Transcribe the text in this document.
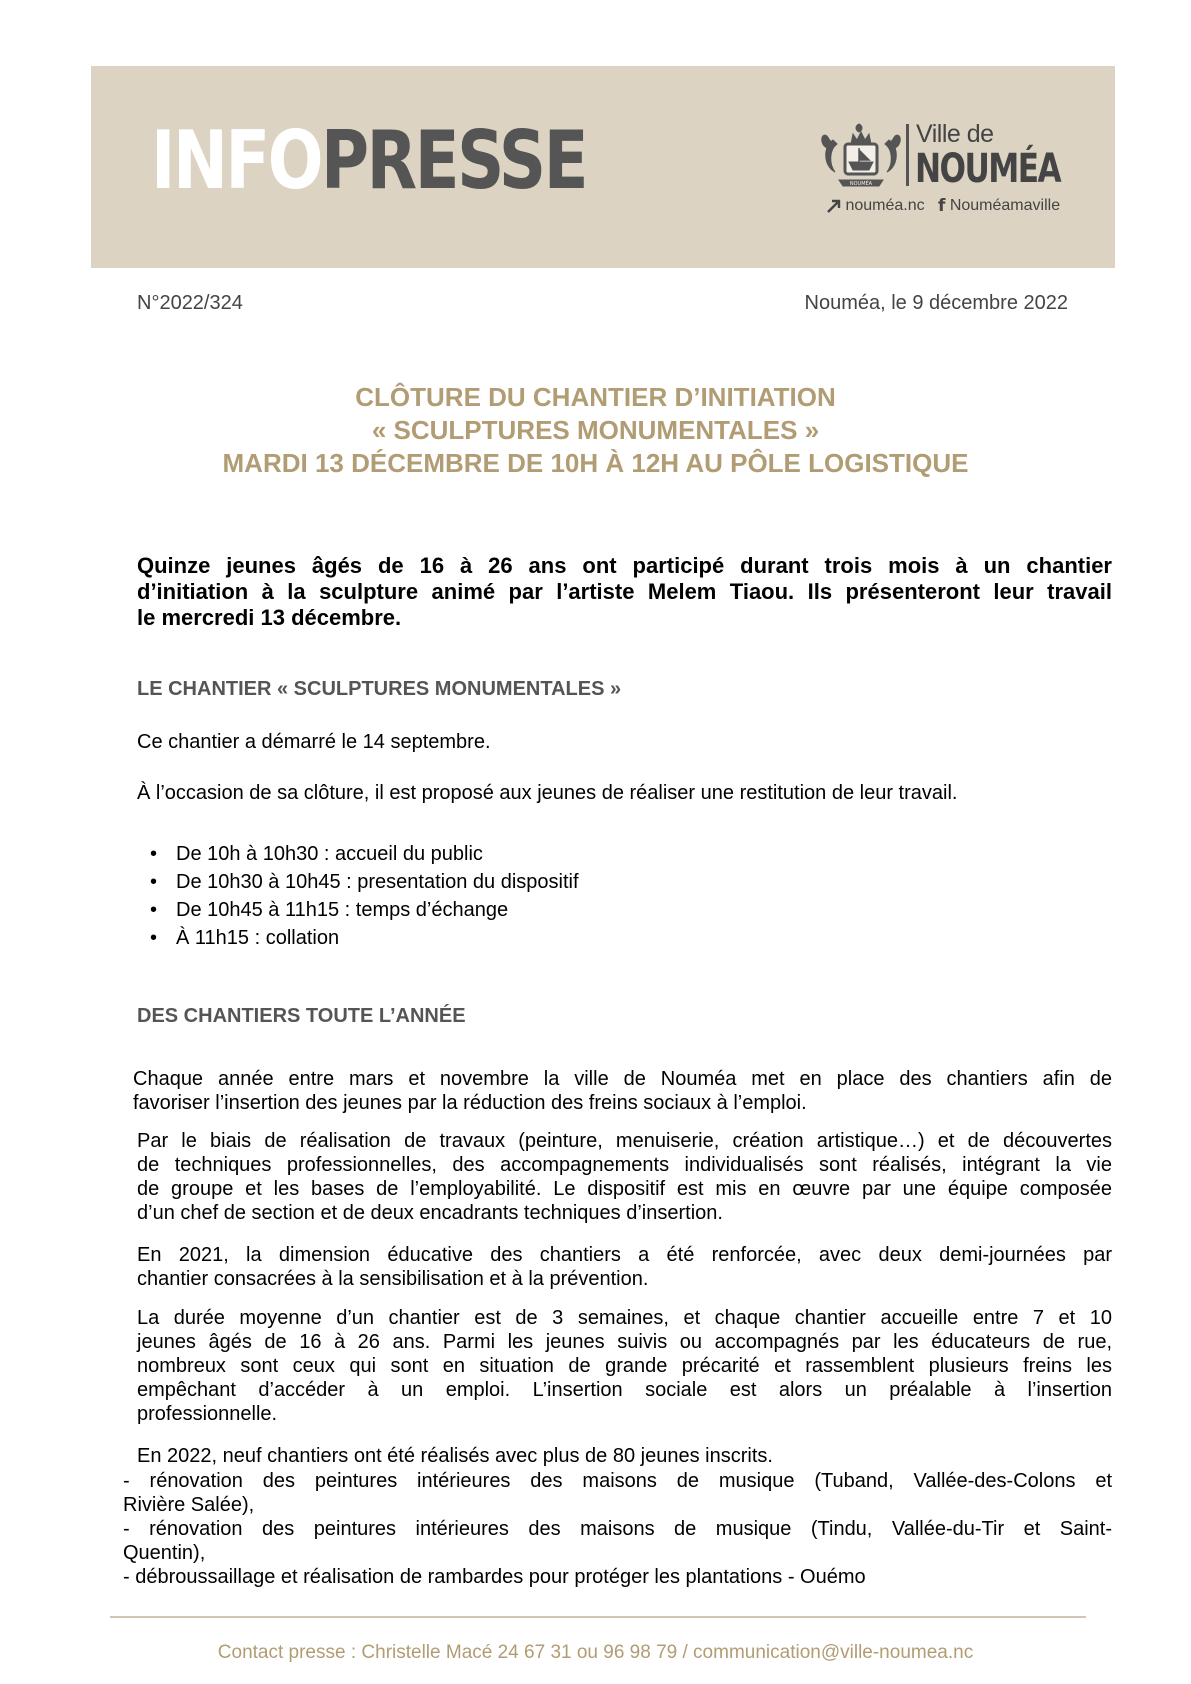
INFOPRESSE	NOUMÉA
Ville de
NOUMÉA
nouméa.nc f Nouméamaville
N°2022/324	Nouméa, le 9 décembre 2022
CLÔTURE DU CHANTIER D’INITIATION
« SCULPTURES MONUMENTALES »
MARDI 13 DÉCEMBRE DE 10H À 12H AU PÔLE LOGISTIQUE
Quinze jeunes âgés de 16 à 26 ans ont participé durant trois mois à un chantier
d’initiation à la sculpture animé par l’artiste Melem Tiaou. Ils présenteront leur travail
le mercredi 13 décembre.
LE CHANTIER « SCULPTURES MONUMENTALES »
Ce chantier a démarré le 14 septembre.
À l’occasion de sa clôture, il est proposé aux jeunes de réaliser une restitution de leur travail.
• De 10h à 10h30 : accueil du public
• De 10h30 à 10h45 : presentation du dispositif
• De 10h45 à 11h15 : temps d’échange
• À 11h15 : collation
DES CHANTIERS TOUTE L’ANNÉE
Chaque année entre mars et novembre la ville de Nouméa met en place des chantiers afin de
favoriser l’insertion des jeunes par la réduction des freins sociaux à l’emploi.
Par le biais de réalisation de travaux (peinture, menuiserie, création artistique…) et de découvertes
de techniques professionnelles, des accompagnements individualisés sont réalisés, intégrant la vie
de groupe et les bases de l’employabilité. Le dispositif est mis en œuvre par une équipe composée
d’un chef de section et de deux encadrants techniques d’insertion.
En 2021, la dimension éducative des chantiers a été renforcée, avec deux demi-journées par
chantier consacrées à la sensibilisation et à la prévention.
La durée moyenne d’un chantier est de 3 semaines, et chaque chantier accueille entre 7 et 10
jeunes âgés de 16 à 26 ans. Parmi les jeunes suivis ou accompagnés par les éducateurs de rue,
nombreux sont ceux qui sont en situation de grande précarité et rassemblent plusieurs freins les
empêchant d’accéder à un emploi. L’insertion sociale est alors un préalable à l’insertion
professionnelle.
En 2022, neuf chantiers ont été réalisés avec plus de 80 jeunes inscrits.
- rénovation des peintures intérieures des maisons de musique (Tuband, Vallée-des-Colons et
Rivière Salée),
- rénovation des peintures intérieures des maisons de musique (Tindu, Vallée-du-Tir et Saint-
Quentin),
- débroussaillage et réalisation de rambardes pour protéger les plantations - Ouémo
Contact presse : Christelle Macé 24 67 31 ou 96 98 79 / communication@ville-noumea.nc
